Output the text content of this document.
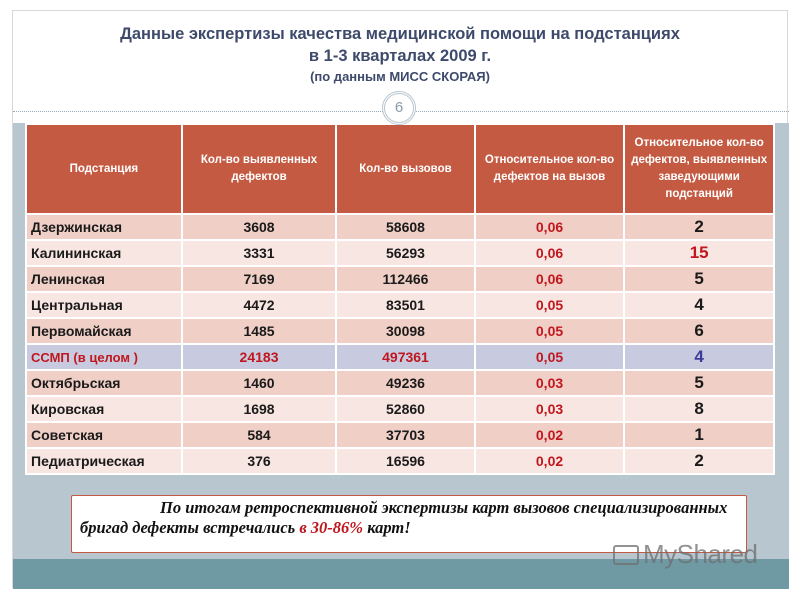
Данные экспертизы качества медицинской помощи на подстанциях
в 1-3 кварталах 2009 г.
(по данным МИСС СКОРАЯ)
6
Подстанция	Кол-во выявленных дефектов	Кол-во вызовов	Относительное кол-во дефектов на вызов	Относительное кол-во дефектов, выявленных заведующими подстанций
Дзержинская	3608	58608	0,06	2
Калининская	3331	56293	0,06	15
Ленинская	7169	112466	0,06	5
Центральная	4472	83501	0,05	4
Первомайская	1485	30098	0,05	6
ССМП (в целом )	24183	497361	0,05	4
Октябрьская	1460	49236	0,03	5
Кировская	1698	52860	0,03	8
Советская	584	37703	0,02	1
Педиатрическая	376	16596	0,02	2
По итогам ретроспективной экспертизы карт вызовов специализированных бригад дефекты встречались в 30-86% карт!
MyShared
